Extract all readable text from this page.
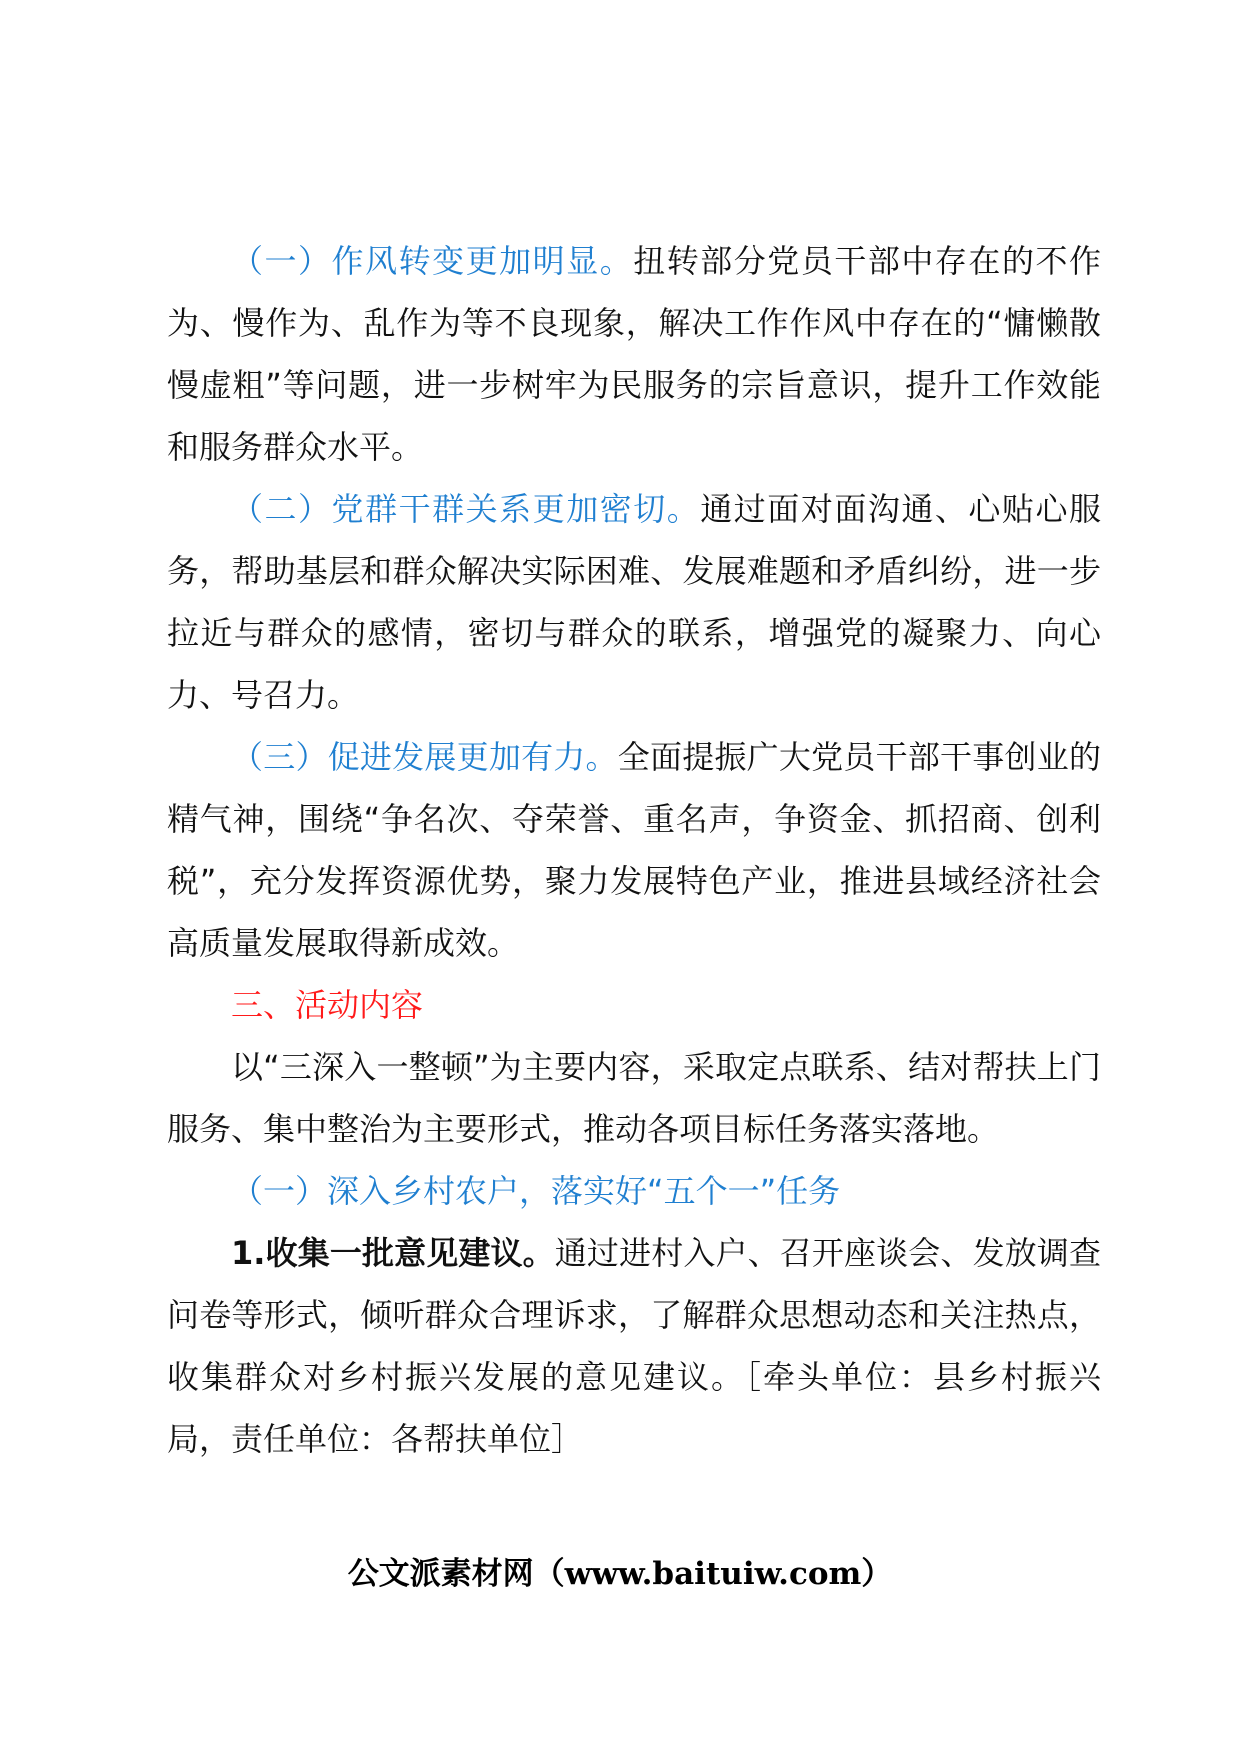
（一）作风转变更加明显。扭转部分党员干部中存在的不作为、慢作为、乱作为等不良现象，解决工作作风中存在的“慵懒散慢虚粗”等问题，进一步树牢为民服务的宗旨意识，提升工作效能和服务群众水平。

（二）党群干群关系更加密切。通过面对面沟通、心贴心服务，帮助基层和群众解决实际困难、发展难题和矛盾纠纷，进一步拉近与群众的感情，密切与群众的联系，增强党的凝聚力、向心力、号召力。

（三）促进发展更加有力。全面提振广大党员干部干事创业的精气神，围绕“争名次、夺荣誉、重名声，争资金、抓招商、创利税”，充分发挥资源优势，聚力发展特色产业，推进县域经济社会高质量发展取得新成效。

三、活动内容

以“三深入一整顿”为主要内容，采取定点联系、结对帮扶上门服务、集中整治为主要形式，推动各项目标任务落实落地。

（一）深入乡村农户，落实好“五个一”任务

1.收集一批意见建议。通过进村入户、召开座谈会、发放调查问卷等形式，倾听群众合理诉求，了解群众思想动态和关注热点，收集群众对乡村振兴发展的意见建议。［牵头单位：县乡村振兴局，责任单位：各帮扶单位］

公文派素材网（www.baituiw.com）
